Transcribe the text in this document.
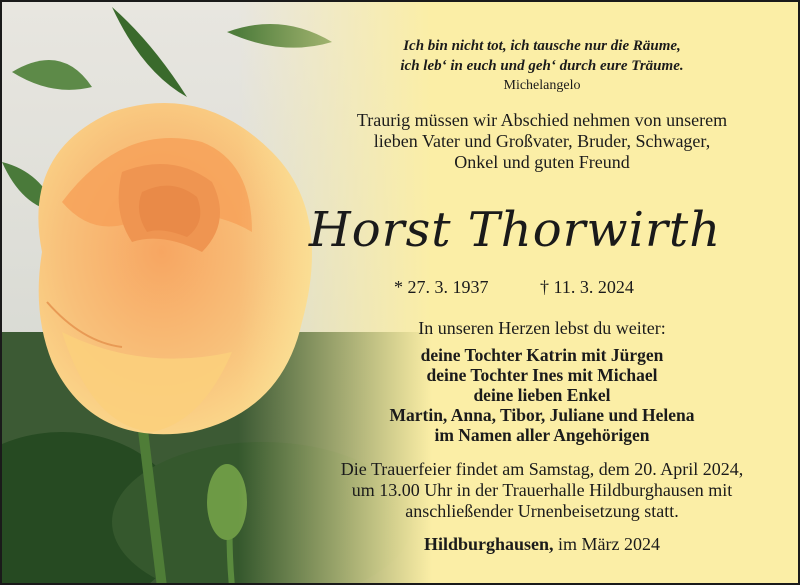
Ich bin nicht tot, ich tausche nur die Räume,
ich leb‘ in euch und geh‘ durch eure Träume.
Michelangelo
Traurig müssen wir Abschied nehmen von unserem
lieben Vater und Großvater, Bruder, Schwager,
Onkel und guten Freund
Horst Thorwirth
* 27. 3. 1937	† 11. 3. 2024
In unseren Herzen lebst du weiter:
deine Tochter Katrin mit Jürgen
deine Tochter Ines mit Michael
deine lieben Enkel
Martin, Anna, Tibor, Juliane und Helena
im Namen aller Angehörigen
Die Trauerfeier findet am Samstag, dem 20. April 2024,
um 13.00 Uhr in der Trauerhalle Hildburghausen mit
anschließender Urnenbeisetzung statt.
Hildburghausen, im März 2024
